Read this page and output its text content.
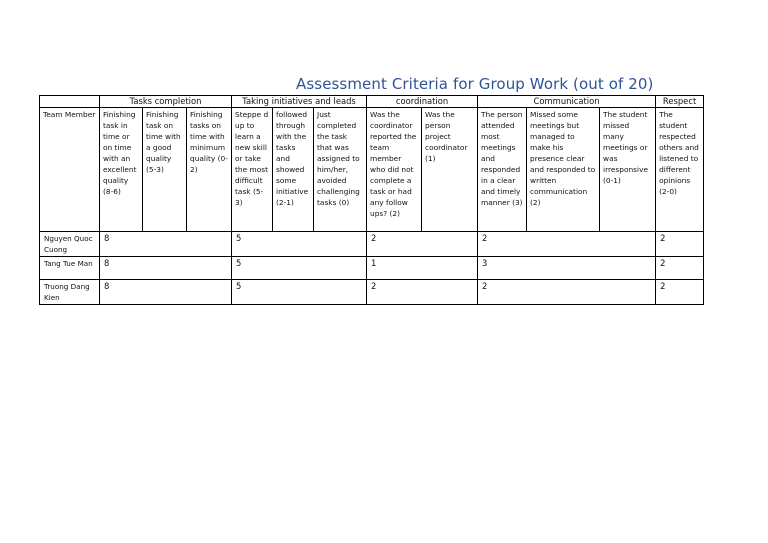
Assessment Criteria for Group Work (out of 20)
	Tasks completion			Taking initiatives and leads			coordination		Communication			Respect
Team Member	Finishing task in time or on time with an excellent quality (8-6)	Finishing task on time with a good quality (5-3)	Finishing tasks on time with minimum quality (0-2)	Steppe d up to learn a new skill or take the most difficult task (5-3)	followed through with the tasks and showed some initiative (2-1)	Just completed the task that was assigned to him/her, avoided challenging tasks (0)	Was the coordinator reported the team member who did not complete a task or had any follow ups? (2)	Was the person project coordinator (1)	The person attended most meetings and responded in a clear and timely manner (3)	Missed some meetings but managed to make his presence clear and responded to written communication (2)	The student missed many meetings or was irresponsive (0-1)	The student respected others and listened to different opinions (2-0)
Nguyen Quoc Cuong	8			5			2		2			2
Tang Tue Man	8			5			1		3			2
Truong Dang Kien	8			5			2		2			2
